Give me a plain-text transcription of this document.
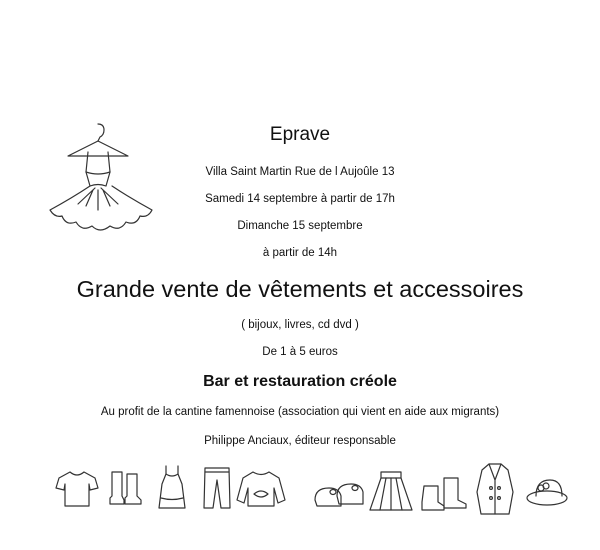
Eprave
Villa Saint Martin Rue de l Aujoûle 13
Samedi 14 septembre à partir de 17h
Dimanche 15 septembre
à partir de 14h
Grande vente de vêtements et accessoires
( bijoux, livres, cd dvd )
De 1 à 5 euros
Bar et restauration créole
Au profit de la cantine famennoise (association qui vient en aide aux migrants)
Philippe Anciaux, éditeur responsable
